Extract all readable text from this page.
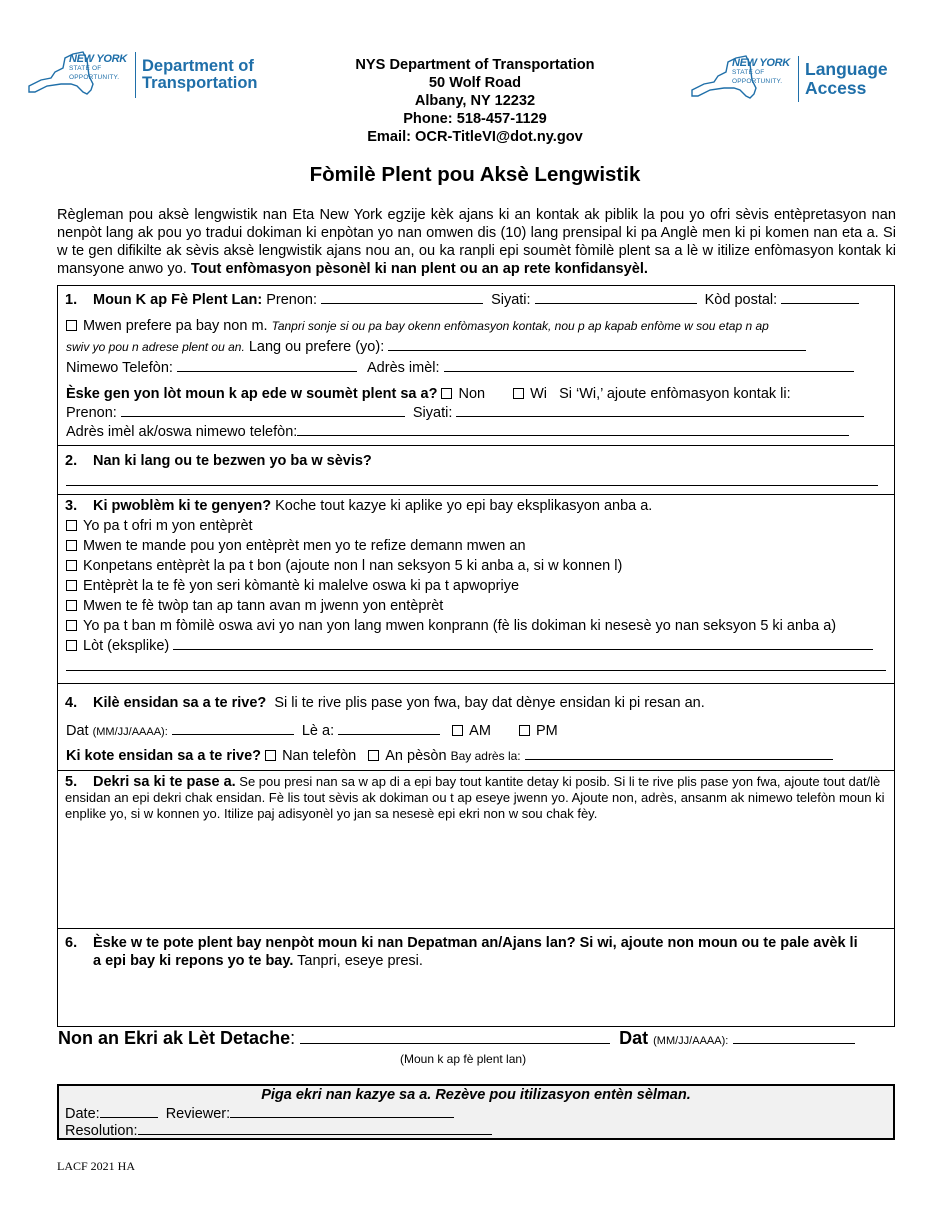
NEW YORK
STATE OF
OPPORTUNITY.
Department of
Transportation
NEW YORK
STATE OF
OPPORTUNITY.
Language
Access
NYS Department of Transportation
50 Wolf Road
Albany, NY 12232
Phone: 518-457-1129
Email: OCR-TitleVI@dot.ny.gov
Fòmilè Plent pou Aksè Lengwistik
Règleman pou aksè lengwistik nan Eta New York egzije kèk ajans ki an kontak ak piblik la pou yo ofri sèvis entèpretasyon nan nenpòt lang ak pou yo tradui dokiman ki enpòtan yo nan omwen dis (10) lang prensipal ki pa Anglè men ki pi komen nan eta a. Si w te gen difikilte ak sèvis aksè lengwistik ajans nou an, ou ka ranpli epi soumèt fòmilè plent sa a lè w itilize enfòmasyon kontak ki mansyone anwo yo. Tout enfòmasyon pèsonèl ki nan plent ou an ap rete konfidansyèl.
1. Moun K ap Fè Plent Lan: Prenon:	Siyati:	Kòd postal:
Mwen prefere pa bay non m. Tanpri sonje si ou pa bay okenn enfòmasyon kontak, nou p ap kapab enfòme w sou etap n ap
swiv yo pou n adrese plent ou an. Lang ou prefere (yo):
Nimewo Telefòn:	Adrès imèl:
Èske gen yon lòt moun k ap ede w soumèt plent sa a? Non	Wi Si ‘Wi,’ ajoute enfòmasyon kontak li:
Prenon:	Siyati:
Adrès imèl ak/oswa nimewo telefòn:
2. Nan ki lang ou te bezwen yo ba w sèvis?
3. Ki pwoblèm ki te genyen? Koche tout kazye ki aplike yo epi bay eksplikasyon anba a.
Yo pa t ofri m yon entèprèt
Mwen te mande pou yon entèprèt men yo te refize demann mwen an
Konpetans entèprèt la pa t bon (ajoute non l nan seksyon 5 ki anba a, si w konnen l)
Entèprèt la te fè yon seri kòmantè ki malelve oswa ki pa t apwopriye
Mwen te fè twòp tan ap tann avan m jwenn yon entèprèt
Yo pa t ban m fòmilè oswa avi yo nan yon lang mwen konprann (fè lis dokiman ki nesesè yo nan seksyon 5 ki anba a)
Lòt (eksplike)
4. Kilè ensidan sa a te rive? Si li te rive plis pase yon fwa, bay dat dènye ensidan ki pi resan an.
Dat (MM/JJ/AAAA):	Lè a:	AM	PM
Ki kote ensidan sa a te rive? Nan telefòn An pèsòn Bay adrès la:
5. Dekri sa ki te pase a. Se pou presi nan sa w ap di a epi bay tout kantite detay ki posib. Si li te rive plis pase yon fwa, ajoute tout dat/lè ensidan an epi dekri chak ensidan. Fè lis tout sèvis ak dokiman ou t ap eseye jwenn yo. Ajoute non, adrès, ansanm ak nimewo telefòn moun ki enplike yo, si w konnen yo. Itilize paj adisyonèl yo jan sa nesesè epi ekri non w sou chak fèy.
6.	Èske w te pote plent bay nenpòt moun ki nan Depatman an/Ajans lan? Si wi, ajoute non moun ou te pale avèk li a epi bay ki repons yo te bay. Tanpri, eseye presi.
Non an Ekri ak Lèt Detache:	Dat (MM/JJ/AAAA):
(Moun k ap fè plent lan)
Piga ekri nan kazye sa a. Rezève pou itilizasyon entèn sèlman.
Date:	Reviewer:
Resolution:
LACF 2021 HA
